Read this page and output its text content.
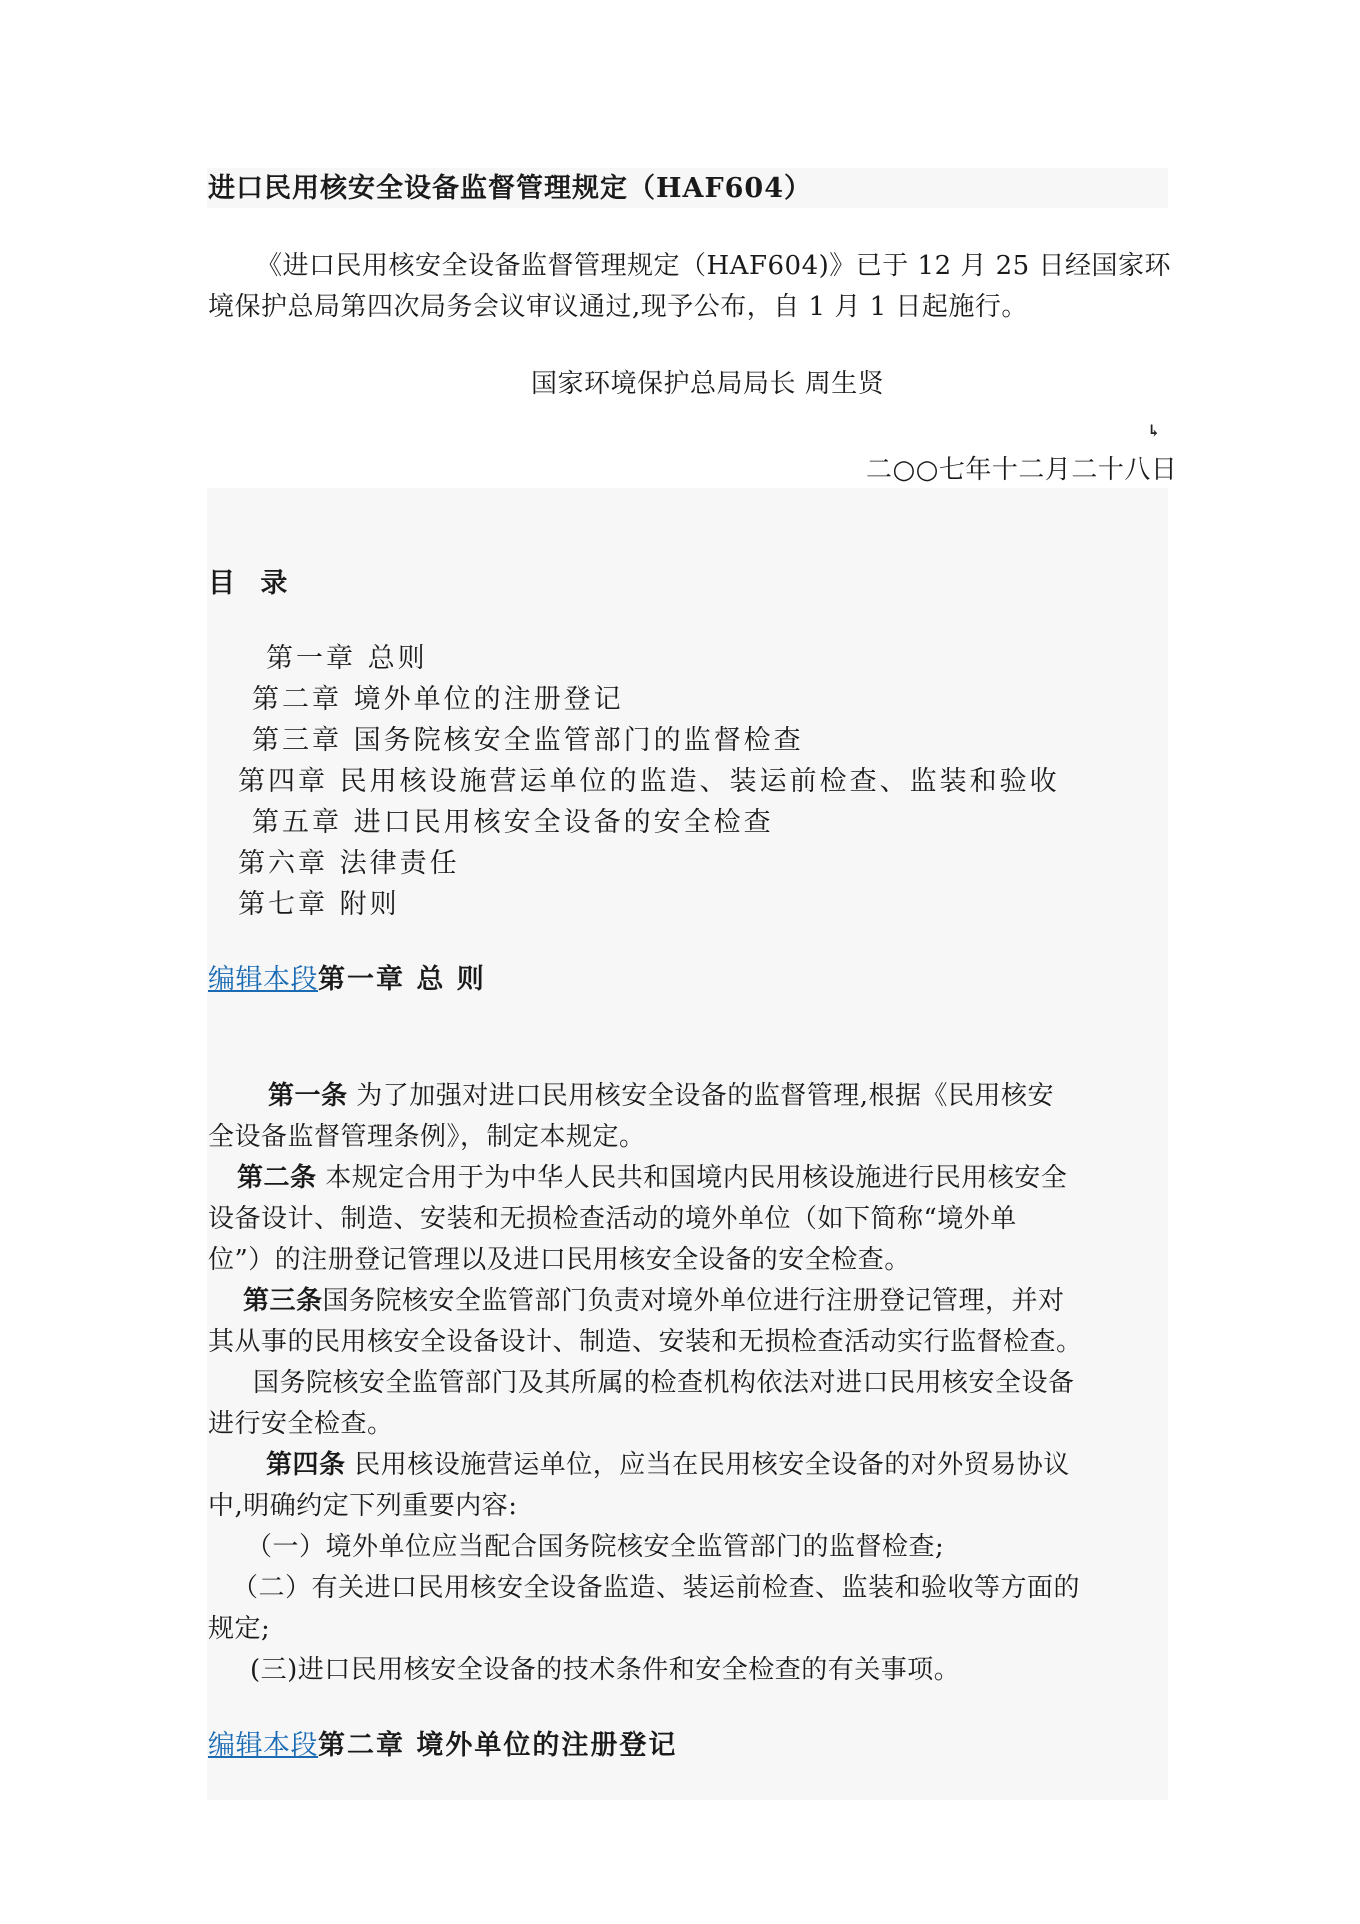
进口民用核安全设备监督管理规定（HAF604）
《进口民用核安全设备监督管理规定（HAF604)》已于 12 月 25 日经国家环
境保护总局第四次局务会议审议通过,现予公布，自 1 月 1 日起施行。
国家环境保护总局局长 周生贤
↳
二○○七年十二月二十八日
目 录
第一章 总则
第二章 境外单位的注册登记
第三章 国务院核安全监管部门的监督检查
第四章 民用核设施营运单位的监造、装运前检查、监装和验收
第五章 进口民用核安全设备的安全检查
第六章 法律责任
第七章 附则
编辑本段第一章 总 则
第一条 为了加强对进口民用核安全设备的监督管理,根据《民用核安
全设备监督管理条例》，制定本规定。
第二条 本规定合用于为中华人民共和国境内民用核设施进行民用核安全
设备设计、制造、安装和无损检查活动的境外单位（如下简称“境外单
位”）的注册登记管理以及进口民用核安全设备的安全检查。
第三条国务院核安全监管部门负责对境外单位进行注册登记管理，并对
其从事的民用核安全设备设计、制造、安装和无损检查活动实行监督检查。
国务院核安全监管部门及其所属的检查机构依法对进口民用核安全设备
进行安全检查。
第四条 民用核设施营运单位，应当在民用核安全设备的对外贸易协议
中,明确约定下列重要内容:
（一）境外单位应当配合国务院核安全监管部门的监督检查;
（二）有关进口民用核安全设备监造、装运前检查、监装和验收等方面的
规定;
(三)进口民用核安全设备的技术条件和安全检查的有关事项。
编辑本段第二章 境外单位的注册登记
